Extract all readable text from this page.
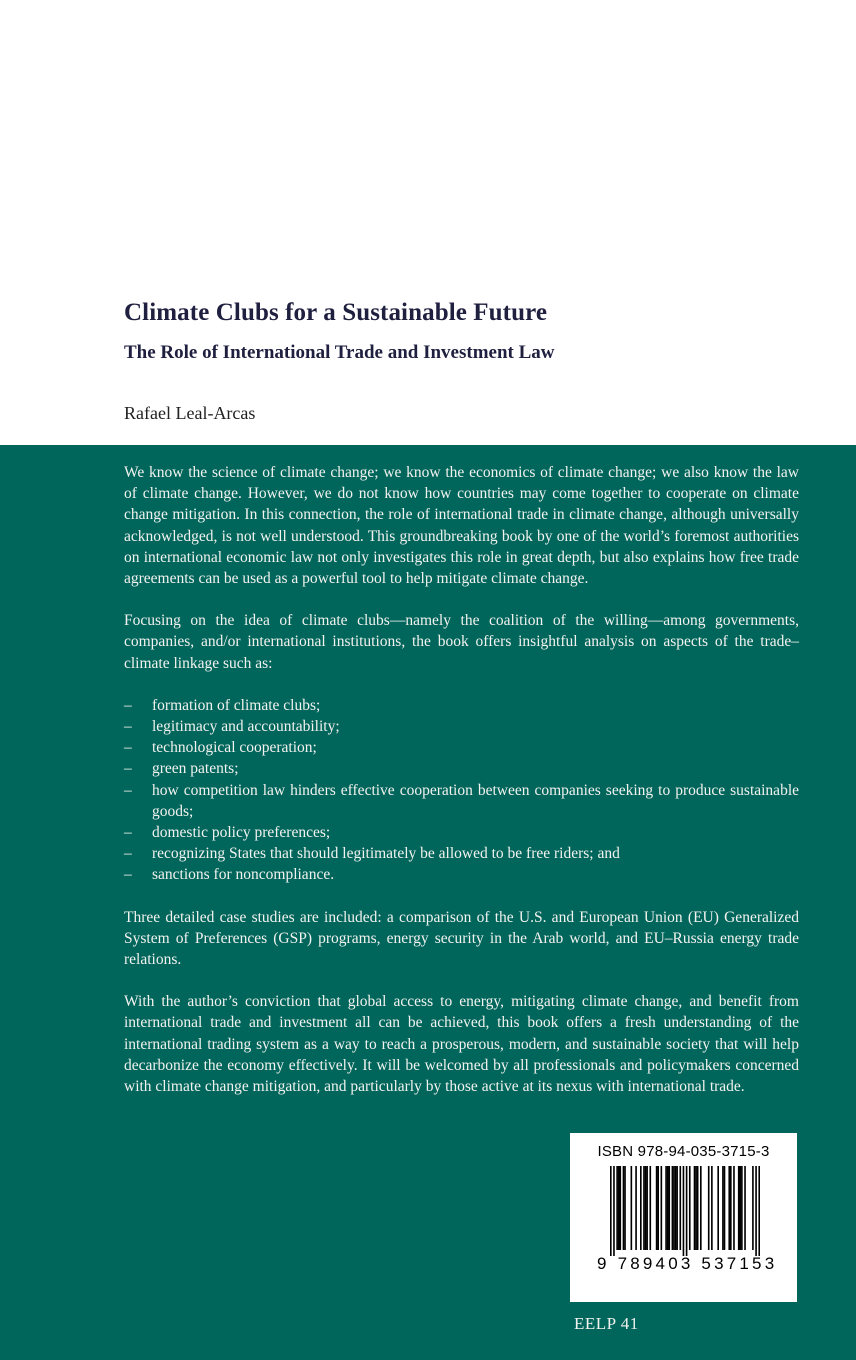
Climate Clubs for a Sustainable Future
The Role of International Trade and Investment Law
Rafael Leal-Arcas

We know the science of climate change; we know the economics of climate change; we also know the law of climate change. However, we do not know how countries may come together to cooperate on climate change mitigation. In this connection, the role of international trade in climate change, although universally acknowledged, is not well understood. This groundbreaking book by one of the world’s foremost authorities on international economic law not only investigates this role in great depth, but also explains how free trade agreements can be used as a powerful tool to help mitigate climate change.

Focusing on the idea of climate clubs—namely the coalition of the willing—among governments, companies, and/or international institutions, the book offers insightful analysis on aspects of the trade–climate linkage such as:

– formation of climate clubs;
– legitimacy and accountability;
– technological cooperation;
– green patents;
– how competition law hinders effective cooperation between companies seeking to produce sustainable goods;
– domestic policy preferences;
– recognizing States that should legitimately be allowed to be free riders; and
– sanctions for noncompliance.

Three detailed case studies are included: a comparison of the U.S. and European Union (EU) Generalized System of Preferences (GSP) programs, energy security in the Arab world, and EU–Russia energy trade relations.

With the author’s conviction that global access to energy, mitigating climate change, and benefit from international trade and investment all can be achieved, this book offers a fresh understanding of the international trading system as a way to reach a prosperous, modern, and sustainable society that will help decarbonize the economy effectively. It will be welcomed by all professionals and policymakers concerned with climate change mitigation, and particularly by those active at its nexus with international trade.

ISBN 978-94-035-3715-3
9 789403 537153
EELP 41
